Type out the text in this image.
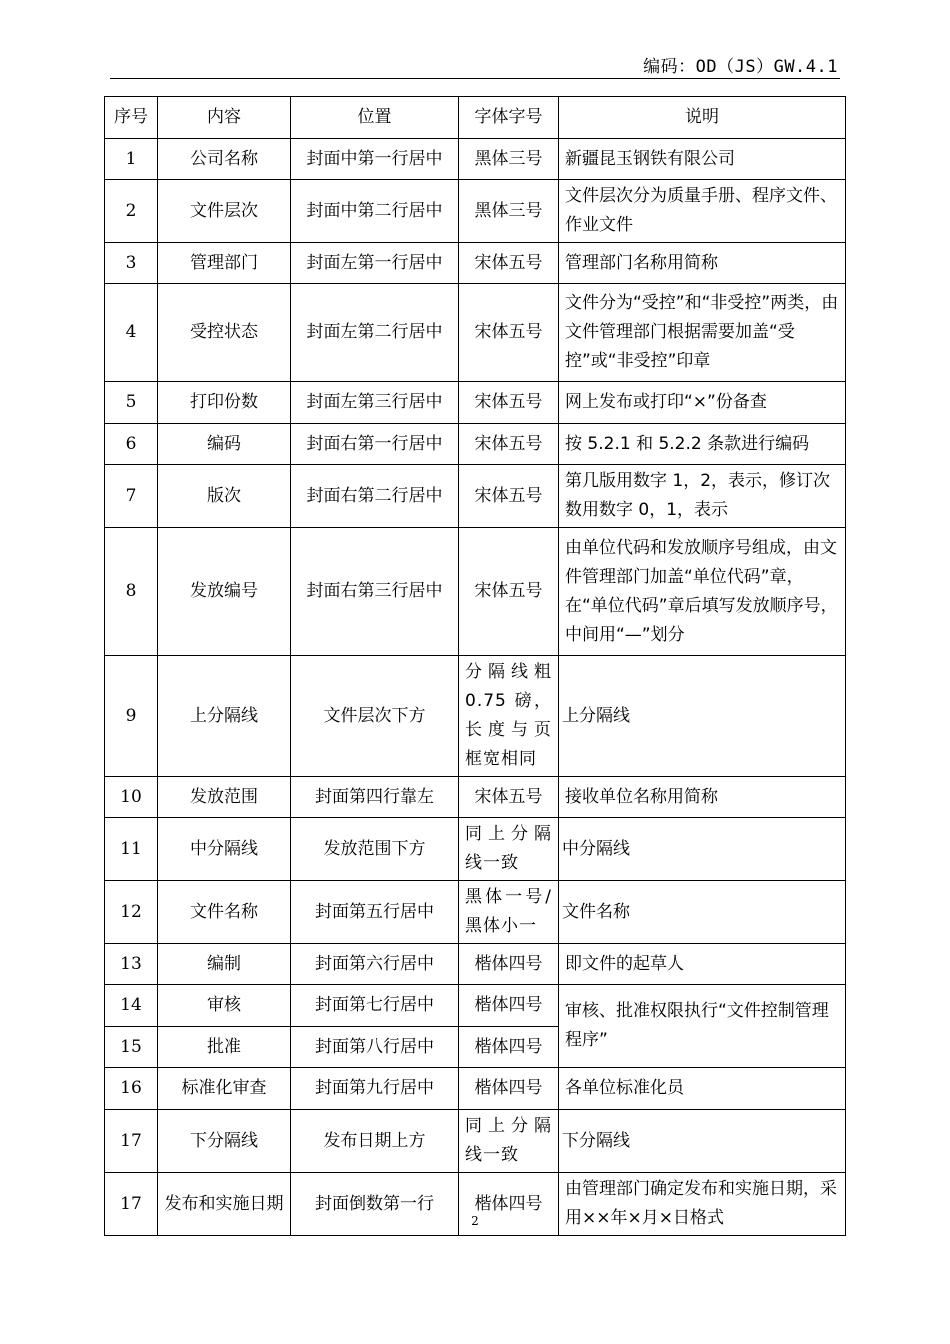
编码：OD（JS）GW.4.1
序号	内容	位置	字体字号	说明
1	公司名称	封面中第一行居中	黑体三号	新疆昆玉钢铁有限公司
2	文件层次	封面中第二行居中	黑体三号	文件层次分为质量手册、程序文件、作业文件
3	管理部门	封面左第一行居中	宋体五号	管理部门名称用简称
4	受控状态	封面左第二行居中	宋体五号	文件分为“受控”和“非受控”两类，由文件管理部门根据需要加盖“受控”或“非受控”印章
5	打印份数	封面左第三行居中	宋体五号	网上发布或打印“×”份备查
6	编码	封面右第一行居中	宋体五号	按 5.2.1 和 5.2.2 条款进行编码
7	版次	封面右第二行居中	宋体五号	第几版用数字 1，2，表示，修订次数用数字 0，1，表示
8	发放编号	封面右第三行居中	宋体五号	由单位代码和发放顺序号组成，由文件管理部门加盖“单位代码”章，在“单位代码”章后填写发放顺序号，中间用“—”划分
9	上分隔线	文件层次下方	分隔线粗 0.75 磅，长度与页框宽相同	上分隔线
10	发放范围	封面第四行靠左	宋体五号	接收单位名称用简称
11	中分隔线	发放范围下方	同上分隔线一致	中分隔线
12	文件名称	封面第五行居中	黑体一号/黑体小一	文件名称
13	编制	封面第六行居中	楷体四号	即文件的起草人
14	审核	封面第七行居中	楷体四号	审核、批准权限执行“文件控制管理程序”
15	批准	封面第八行居中	楷体四号	
16	标准化审查	封面第九行居中	楷体四号	各单位标准化员
17	下分隔线	发布日期上方	同上分隔线一致	下分隔线
17	发布和实施日期	封面倒数第一行	楷体四号	由管理部门确定发布和实施日期，采用××年×月×日格式
2
